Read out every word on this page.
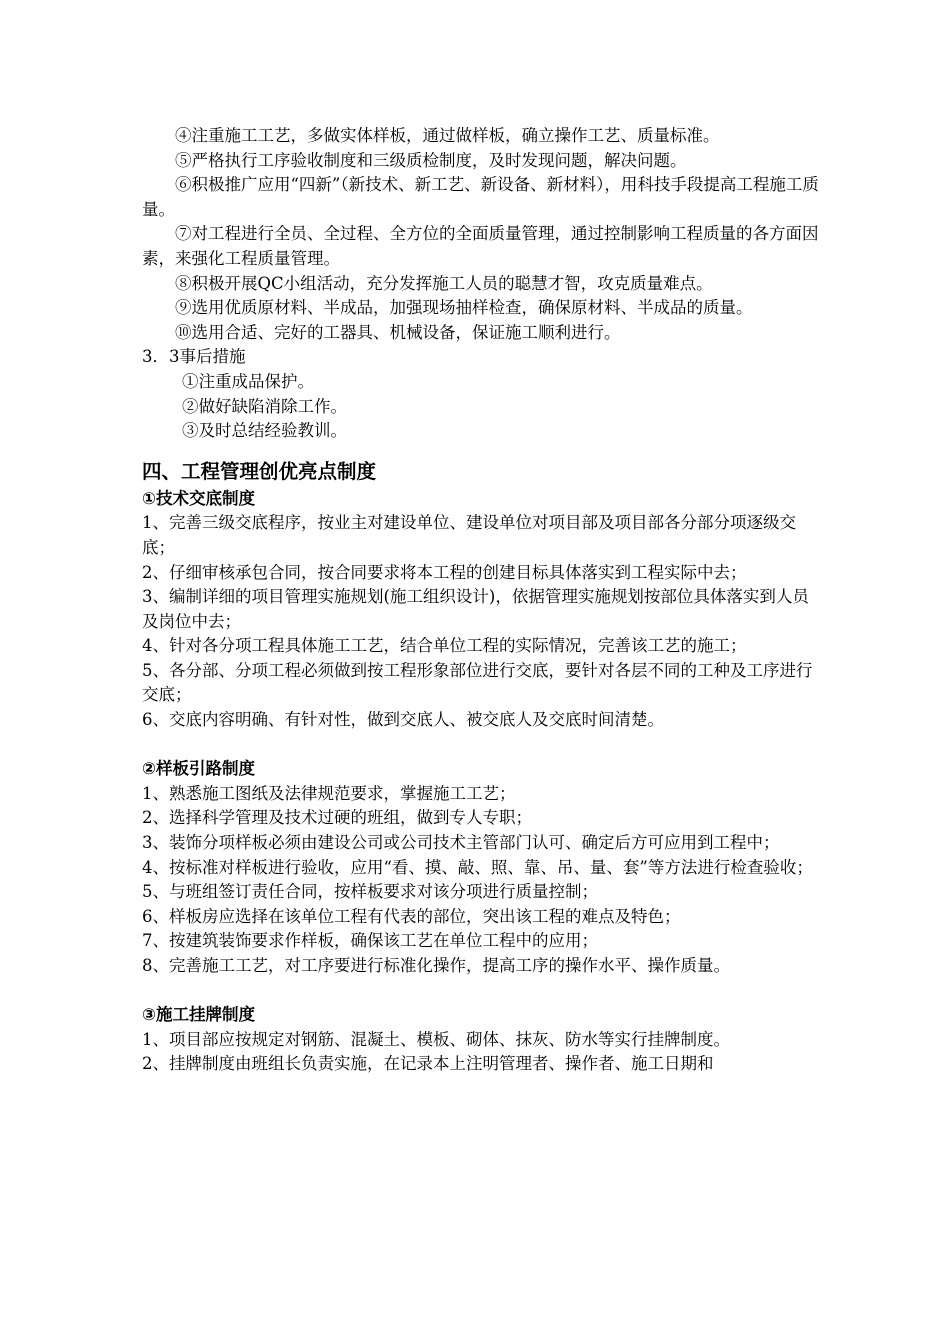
④注重施工工艺，多做实体样板，通过做样板，确立操作工艺、质量标准。

⑤严格执行工序验收制度和三级质检制度，及时发现问题，解决问题。

⑥积极推广应用“四新”（新技术、新工艺、新设备、新材料），用科技手段提高工程施工质量。

⑦对工程进行全员、全过程、全方位的全面质量管理，通过控制影响工程质量的各方面因素，来强化工程质量管理。

⑧积极开展QC小组活动，充分发挥施工人员的聪慧才智，攻克质量难点。

⑨选用优质原材料、半成品，加强现场抽样检查，确保原材料、半成品的质量。

⑩选用合适、完好的工器具、机械设备，保证施工顺利进行。

3．3事后措施

①注重成品保护。

②做好缺陷消除工作。

③及时总结经验教训。

四、工程管理创优亮点制度

①技术交底制度

1、完善三级交底程序，按业主对建设单位、建设单位对项目部及项目部各分部分项逐级交底；

2、仔细审核承包合同，按合同要求将本工程的创建目标具体落实到工程实际中去；

3、编制详细的项目管理实施规划(施工组织设计)，依据管理实施规划按部位具体落实到人员及岗位中去；

4、针对各分项工程具体施工工艺，结合单位工程的实际情况，完善该工艺的施工；

5、各分部、分项工程必须做到按工程形象部位进行交底，要针对各层不同的工种及工序进行交底；

6、交底内容明确、有针对性，做到交底人、被交底人及交底时间清楚。

②样板引路制度

1、熟悉施工图纸及法律规范要求，掌握施工工艺；

2、选择科学管理及技术过硬的班组，做到专人专职；

3、装饰分项样板必须由建设公司或公司技术主管部门认可、确定后方可应用到工程中；

4、按标准对样板进行验收，应用“看、摸、敲、照、靠、吊、量、套”等方法进行检查验收；

5、与班组签订责任合同，按样板要求对该分项进行质量控制；

6、样板房应选择在该单位工程有代表的部位，突出该工程的难点及特色；

7、按建筑装饰要求作样板，确保该工艺在单位工程中的应用；

8、完善施工工艺，对工序要进行标准化操作，提高工序的操作水平、操作质量。

③施工挂牌制度

1、项目部应按规定对钢筋、混凝土、模板、砌体、抹灰、防水等实行挂牌制度。

2、挂牌制度由班组长负责实施，在记录本上注明管理者、操作者、施工日期和
